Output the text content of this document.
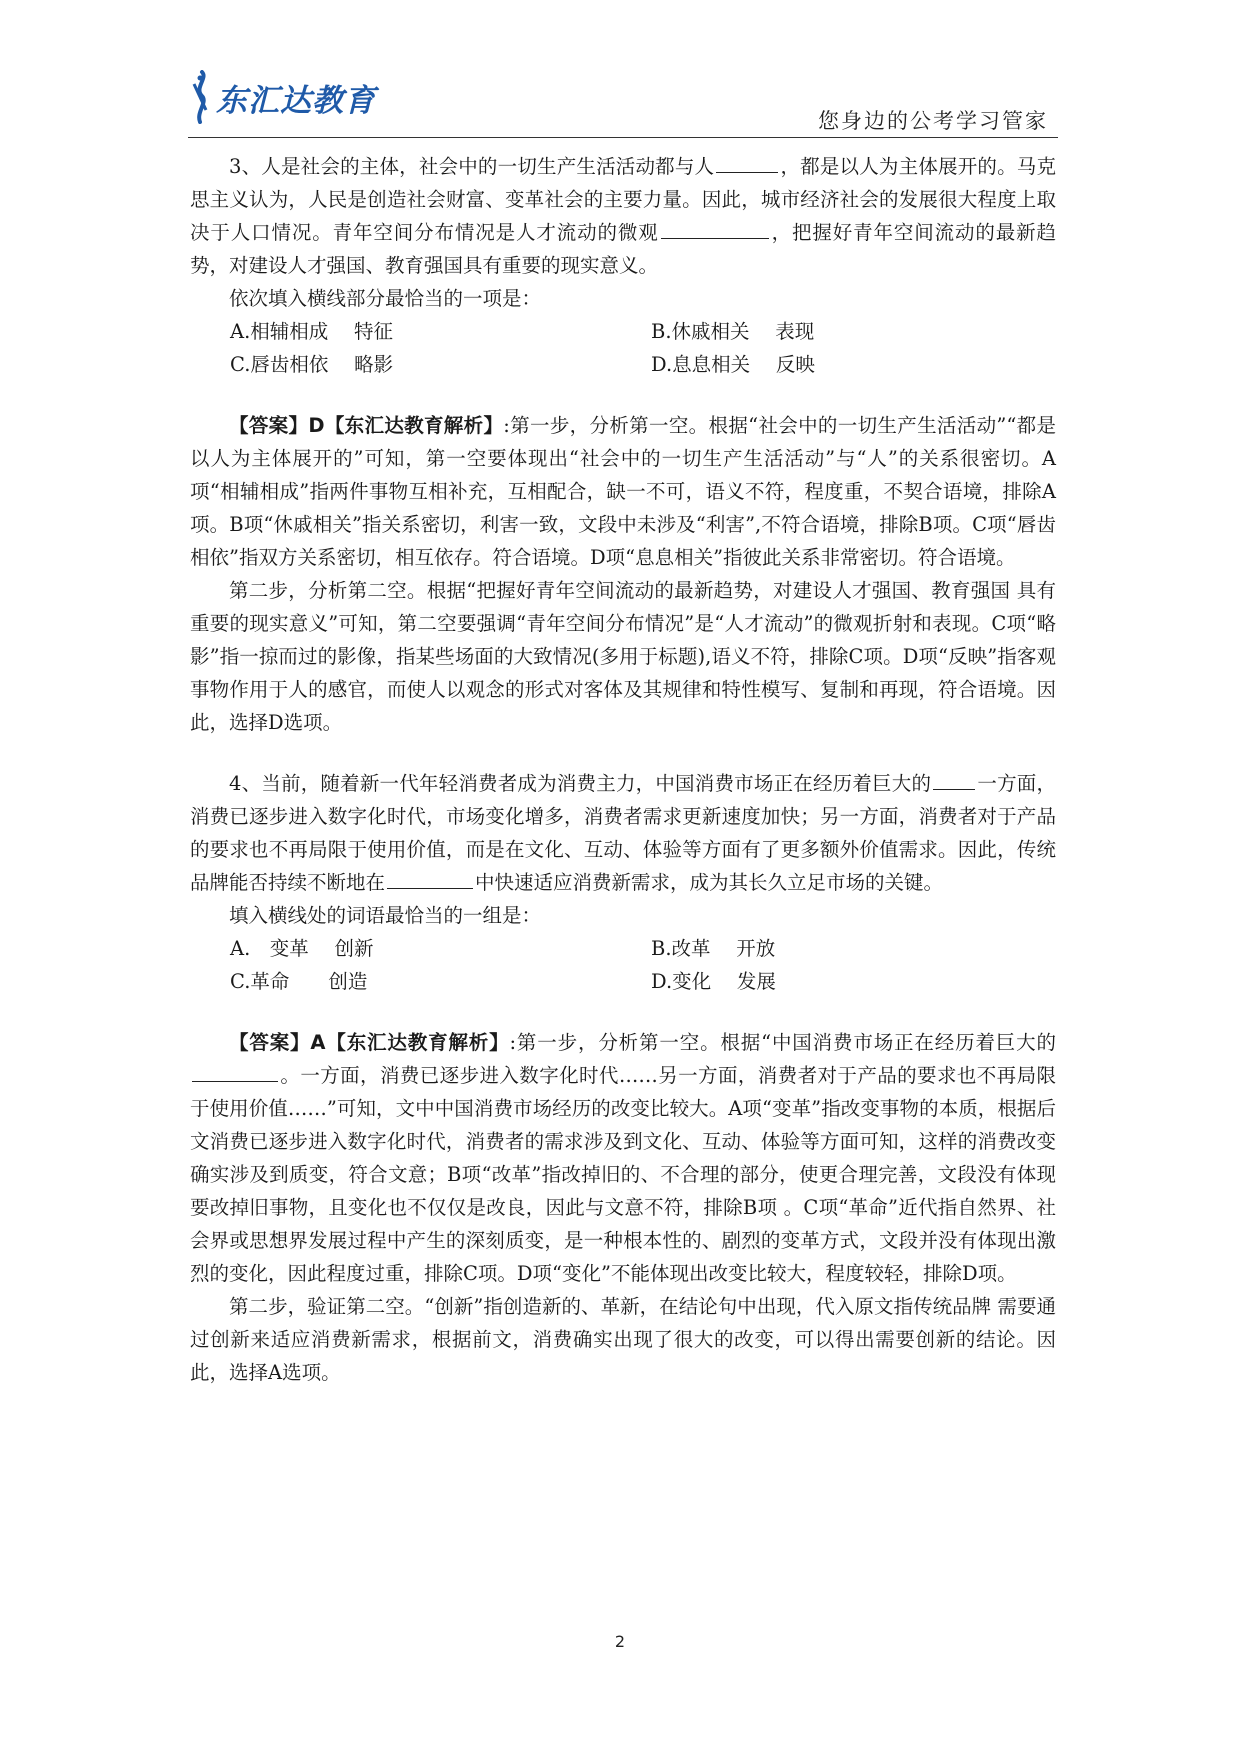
东汇达教育
您身边的公考学习管家

3、人是社会的主体，社会中的一切生产生活活动都与人	，都是以人为主体展开的。马克思主义认为，人民是创造社会财富、变革社会的主要力量。因此，城市经济社会的发展很大程度上取决于人口情况。青年空间分布情况是人才流动的微观	，把握好青年空间流动的最新趋势，对建设人才强国、教育强国具有重要的现实意义。

依次填入横线部分最恰当的一项是：

A.相辅相成　 特征	B.休戚相关　 表现
C.唇齿相依　 略影	D.息息相关　 反映

【答案】D【东汇达教育解析】:第一步，分析第一空。根据“社会中的一切生产生活活动”“都是以人为主体展开的”可知，第一空要体现出“社会中的一切生产生活活动”与“人”的关系很密切。A项“相辅相成”指两件事物互相补充，互相配合，缺一不可，语义不符，程度重，不契合语境，排除A项。B项“休戚相关”指关系密切，利害一致，文段中未涉及“利害”,不符合语境，排除B项。C项“唇齿相依”指双方关系密切，相互依存。符合语境。D项“息息相关”指彼此关系非常密切。符合语境。

第二步，分析第二空。根据“把握好青年空间流动的最新趋势，对建设人才强国、教育强国 具有重要的现实意义”可知，第二空要强调“青年空间分布情况”是“人才流动”的微观折射和表现。C项“略影”指一掠而过的影像，指某些场面的大致情况(多用于标题),语义不符，排除C项。D项“反映”指客观事物作用于人的感官，而使人以观念的形式对客体及其规律和特性模写、复制和再现，符合语境。因此，选择D选项。

4、当前，随着新一代年轻消费者成为消费主力，中国消费市场正在经历着巨大的 一方面，消费已逐步进入数字化时代，市场变化增多，消费者需求更新速度加快；另一方面，消费者对于产品的要求也不再局限于使用价值，而是在文化、互动、体验等方面有了更多额外价值需求。因此，传统品牌能否持续不断地在	中快速适应消费新需求，成为其长久立足市场的关键。

填入横线处的词语最恰当的一组是：

A.　变革　 创新	B.改革　 开放
C.革命　　创造	D.变化　 发展

【答案】A【东汇达教育解析】:第一步，分析第一空。根据“中国消费市场正在经历着巨大的。一方面，消费已逐步进入数字化时代……另一方面，消费者对于产品的要求也不再局限于使用价值……”可知，文中中国消费市场经历的改变比较大。A项“变革”指改变事物的本质，根据后文消费已逐步进入数字化时代，消费者的需求涉及到文化、互动、体验等方面可知，这样的消费改变确实涉及到质变，符合文意；B项“改革”指改掉旧的、不合理的部分，使更合理完善，文段没有体现要改掉旧事物，且变化也不仅仅是改良，因此与文意不符，排除B项 。C项“革命”近代指自然界、社会界或思想界发展过程中产生的深刻质变，是一种根本性的、剧烈的变革方式，文段并没有体现出激烈的变化，因此程度过重，排除C项。D项“变化”不能体现出改变比较大，程度较轻，排除D项。

第二步，验证第二空。“创新”指创造新的、革新，在结论句中出现，代入原文指传统品牌 需要通过创新来适应消费新需求，根据前文，消费确实出现了很大的改变，可以得出需要创新的结论。因此，选择A选项。

2
